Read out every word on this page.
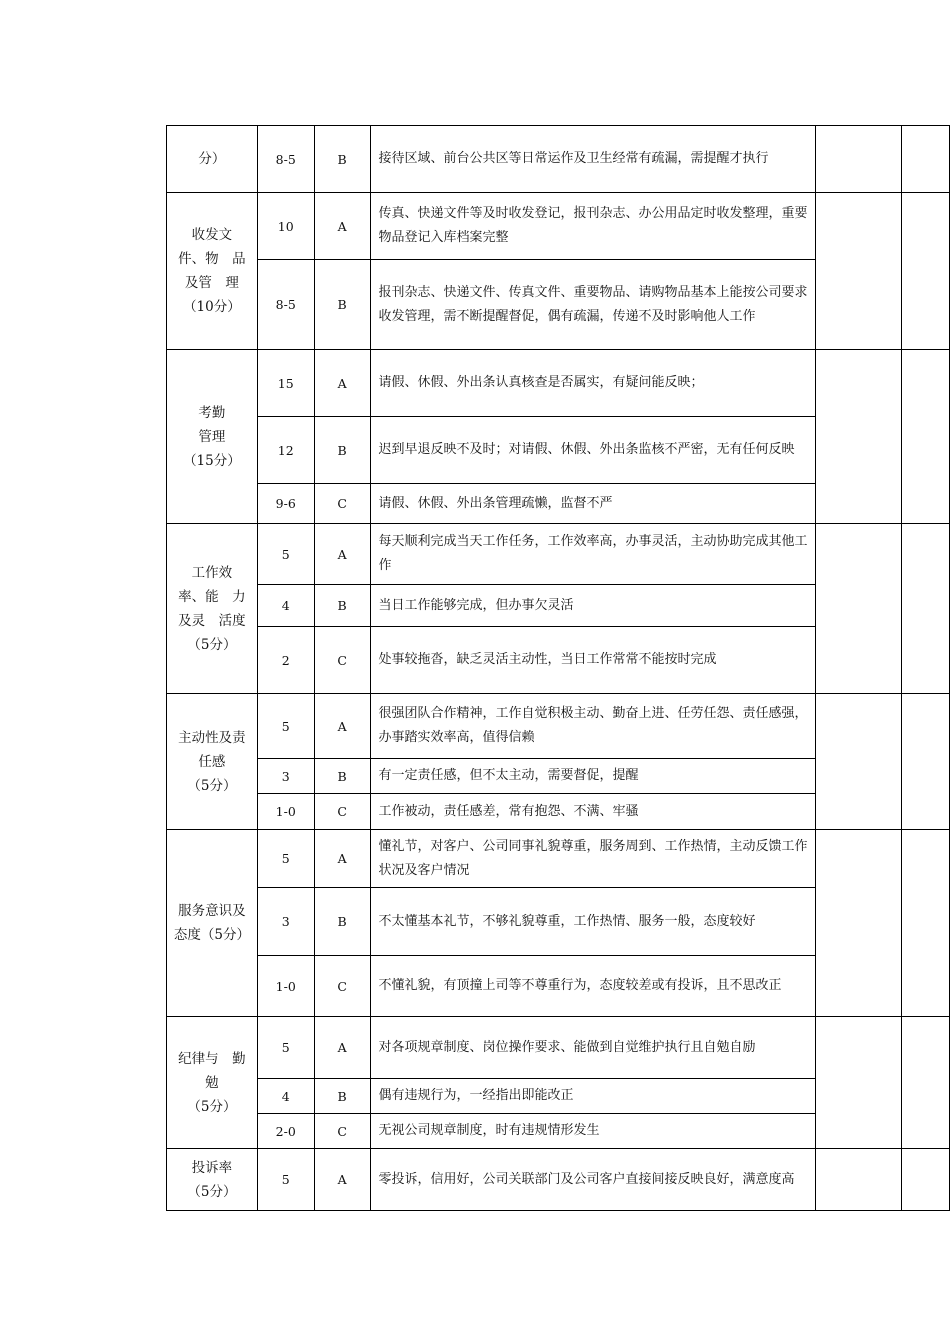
分）	8-5	B	接待区域、前台公共区等日常运作及卫生经常有疏漏，需提醒才执行		
收发文
件、物　品
及管　理
（10分）	10	A	传真、快递文件等及时收发登记，报刊杂志、办公用品定时收发整理，重要物品登记入库档案完整		
	8-5	B	报刊杂志、快递文件、传真文件、重要物品、请购物品基本上能按公司要求收发管理，需不断提醒督促，偶有疏漏，传递不及时影响他人工作		
考勤
管理
（15分）	15	A	请假、休假、外出条认真核查是否属实，有疑问能反映；		
	12	B	迟到早退反映不及时；对请假、休假、外出条监核不严密，无有任何反映		
	9-6	C	请假、休假、外出条管理疏懒，监督不严		
工作效
率、能　力
及灵　活度
（5分）	5	A	每天顺利完成当天工作任务，工作效率高，办事灵活，主动协助完成其他工作		
	4	B	当日工作能够完成，但办事欠灵活		
	2	C	处事较拖沓，缺乏灵活主动性，当日工作常常不能按时完成		
主动性及责
任感
（5分）	5	A	很强团队合作精神，工作自觉积极主动、勤奋上进、任劳任怨、责任感强，办事踏实效率高，值得信赖		
	3	B	有一定责任感，但不太主动，需要督促，提醒		
	1-0	C	工作被动，责任感差，常有抱怨、不满、牢骚		
服务意识及
态度（5分）	5	A	懂礼节，对客户、公司同事礼貌尊重，服务周到、工作热情，主动反馈工作状况及客户情况		
	3	B	不太懂基本礼节，不够礼貌尊重，工作热情、服务一般，态度较好		
	1-0	C	不懂礼貌，有顶撞上司等不尊重行为，态度较差或有投诉，且不思改正		
纪律与　勤
勉
（5分）	5	A	对各项规章制度、岗位操作要求、能做到自觉维护执行且自勉自励		
	4	B	偶有违规行为，一经指出即能改正		
	2-0	C	无视公司规章制度，时有违规情形发生		
投诉率
（5分）	5	A	零投诉，信用好，公司关联部门及公司客户直接间接反映良好，满意度高		
